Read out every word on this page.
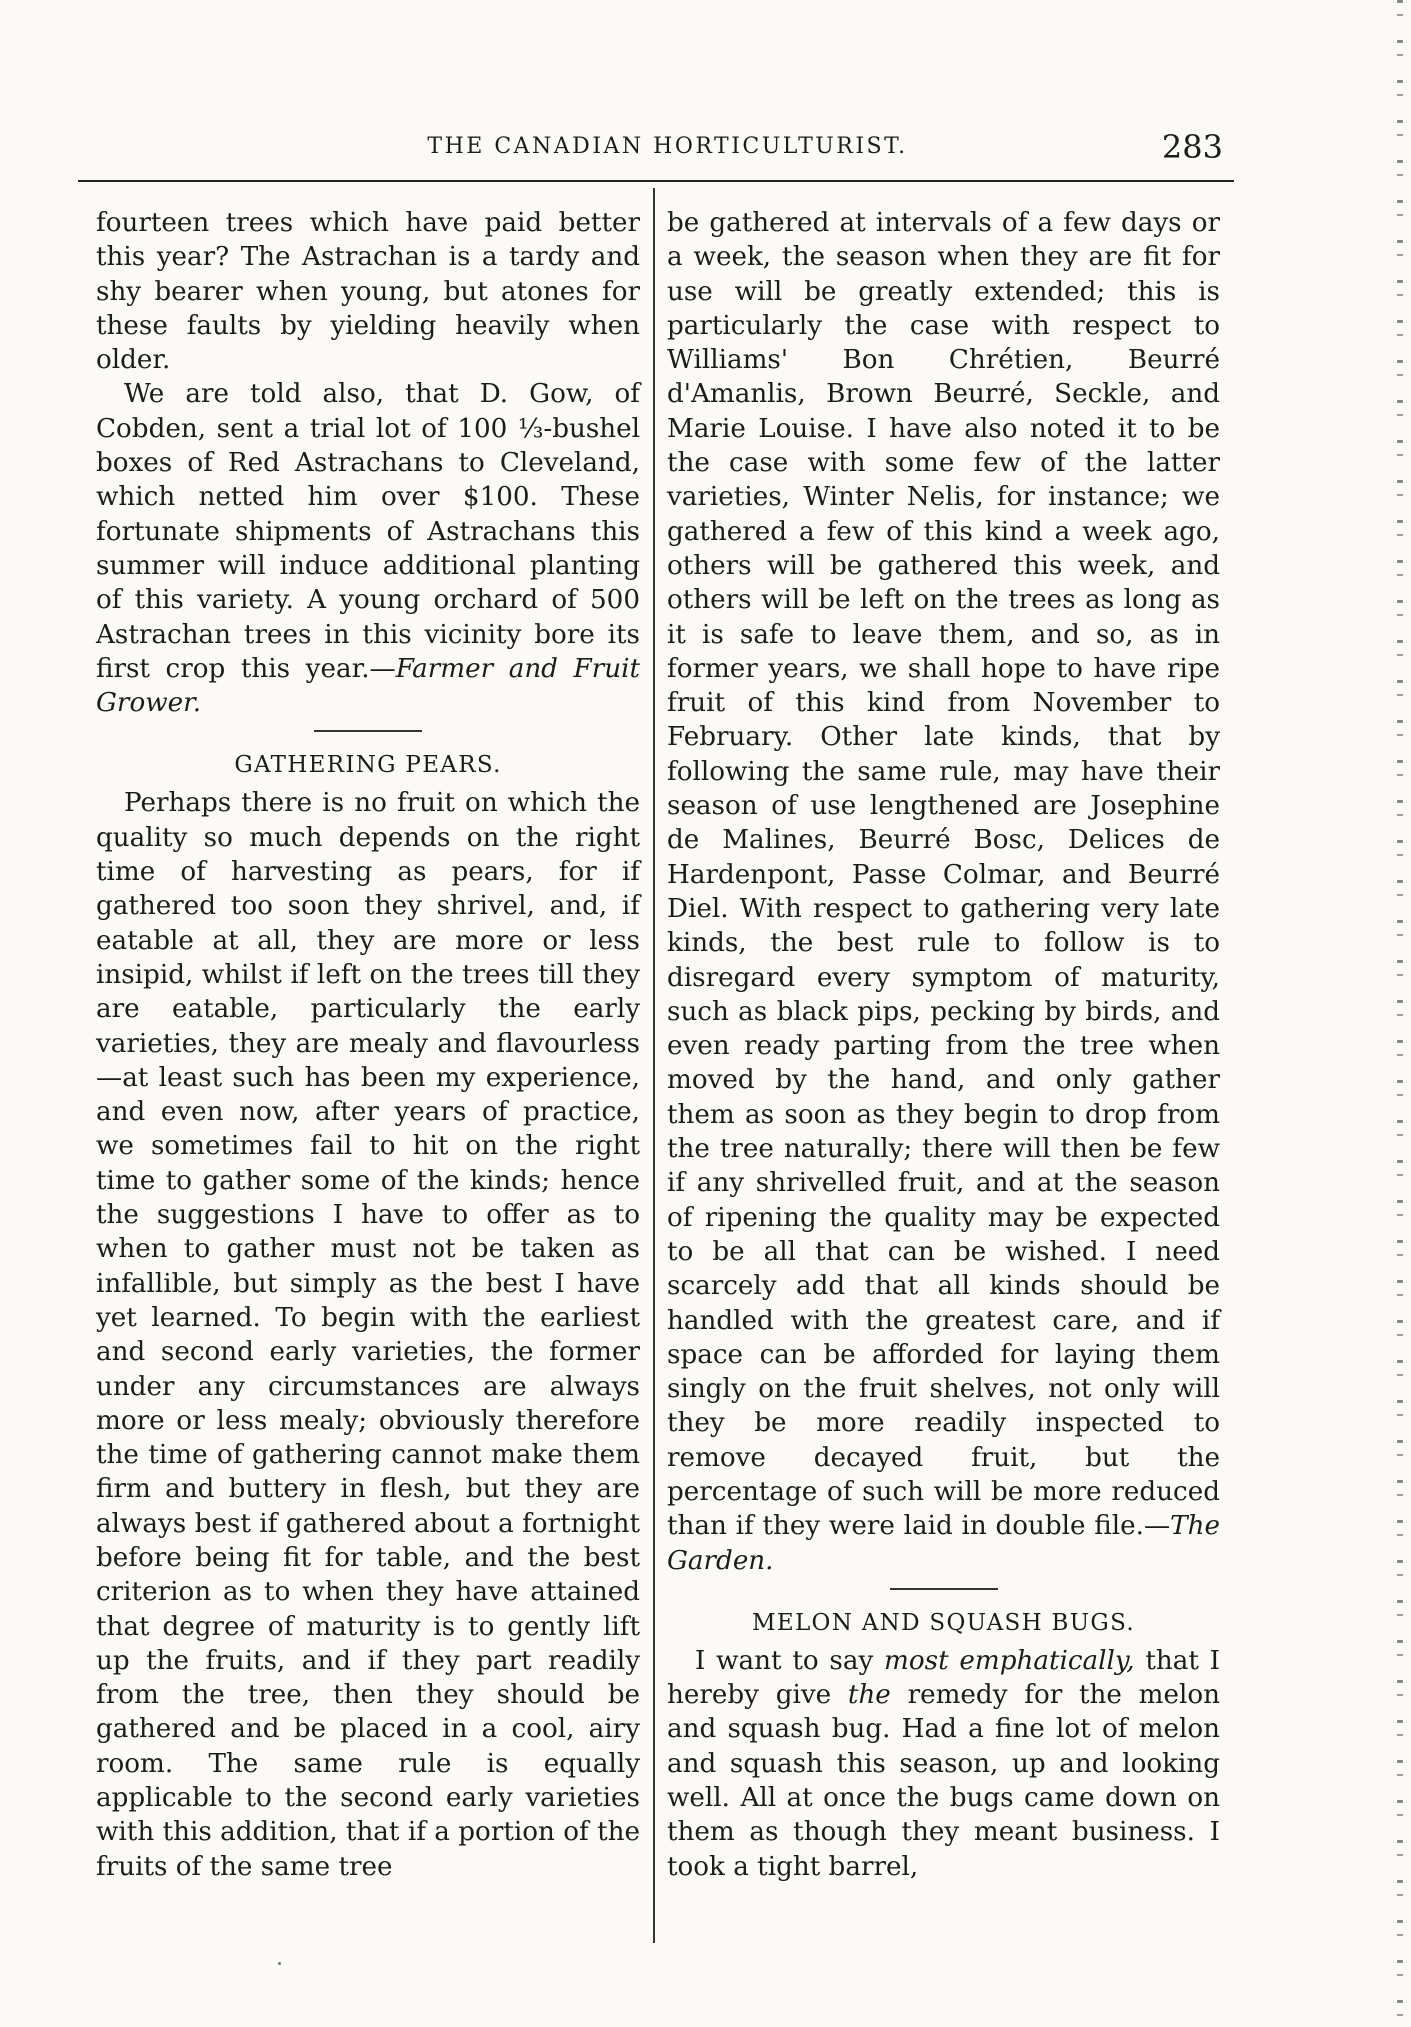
THE CANADIAN HORTICULTURIST.	283

fourteen trees which have paid better this year? The Astrachan is a tardy and shy bearer when young, but atones for these faults by yielding heavily when older.

We are told also, that D. Gow, of Cobden, sent a trial lot of 100 ⅓-bushel boxes of Red Astrachans to Cleveland, which netted him over $100. These fortunate shipments of Astrachans this summer will induce additional planting of this variety. A young orchard of 500 Astrachan trees in this vicinity bore its first crop this year.—Farmer and Fruit Grower.

GATHERING PEARS.

Perhaps there is no fruit on which the quality so much depends on the right time of harvesting as pears, for if gathered too soon they shrivel, and, if eatable at all, they are more or less insipid, whilst if left on the trees till they are eatable, particularly the early varieties, they are mealy and flavourless—at least such has been my experience, and even now, after years of practice, we sometimes fail to hit on the right time to gather some of the kinds; hence the suggestions I have to offer as to when to gather must not be taken as infallible, but simply as the best I have yet learned. To begin with the earliest and second early varieties, the former under any circumstances are always more or less mealy; obviously therefore the time of gathering cannot make them firm and buttery in flesh, but they are always best if gathered about a fortnight before being fit for table, and the best criterion as to when they have attained that degree of maturity is to gently lift up the fruits, and if they part readily from the tree, then they should be gathered and be placed in a cool, airy room. The same rule is equally applicable to the second early varieties with this addition, that if a portion of the fruits of the same tree

be gathered at intervals of a few days or a week, the season when they are fit for use will be greatly extended; this is particularly the case with respect to Williams' Bon Chrétien, Beurré d'Amanlis, Brown Beurré, Seckle, and Marie Louise. I have also noted it to be the case with some few of the latter varieties, Winter Nelis, for instance; we gathered a few of this kind a week ago, others will be gathered this week, and others will be left on the trees as long as it is safe to leave them, and so, as in former years, we shall hope to have ripe fruit of this kind from November to February. Other late kinds, that by following the same rule, may have their season of use lengthened are Josephine de Malines, Beurré Bosc, Delices de Hardenpont, Passe Colmar, and Beurré Diel. With respect to gathering very late kinds, the best rule to follow is to disregard every symptom of maturity, such as black pips, pecking by birds, and even ready parting from the tree when moved by the hand, and only gather them as soon as they begin to drop from the tree naturally; there will then be few if any shrivelled fruit, and at the season of ripening the quality may be expected to be all that can be wished. I need scarcely add that all kinds should be handled with the greatest care, and if space can be afforded for laying them singly on the fruit shelves, not only will they be more readily inspected to remove decayed fruit, but the percentage of such will be more reduced than if they were laid in double file.—The Garden.

MELON AND SQUASH BUGS.

I want to say most emphatically, that I hereby give the remedy for the melon and squash bug. Had a fine lot of melon and squash this season, up and looking well. All at once the bugs came down on them as though they meant business. I took a tight barrel,
